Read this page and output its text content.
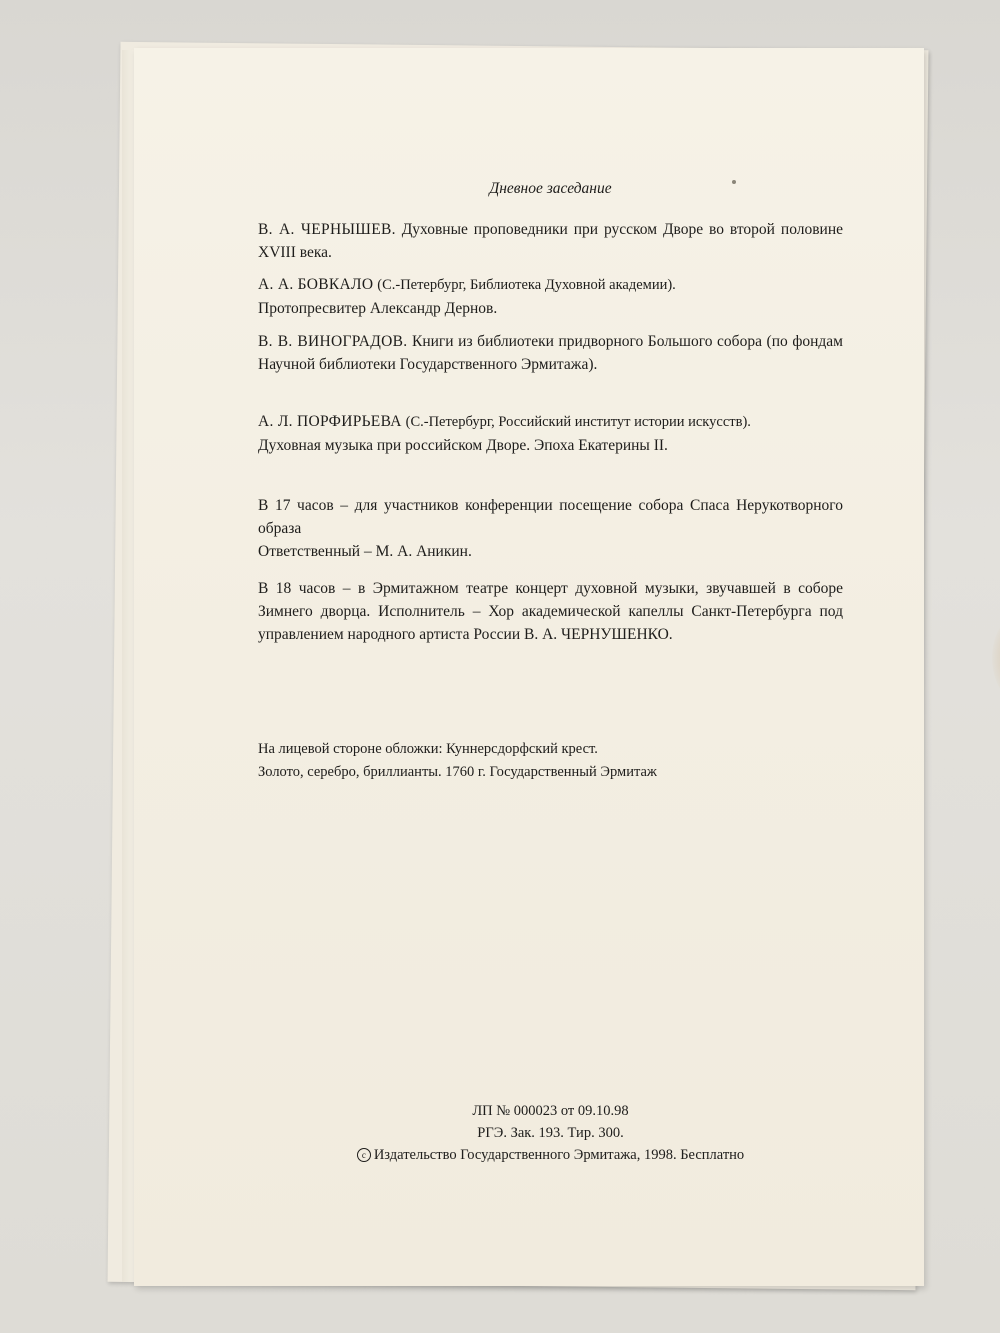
Дневное заседание

В. А. ЧЕРНЫШЕВ. Духовные проповедники при русском Дворе во второй половине XVIII века.

А. А. БОВКАЛО (С.-Петербург, Библиотека Духовной академии).

Протопресвитер Александр Дернов.

В. В. ВИНОГРАДОВ. Книги из библиотеки придворного Большого собора (по фондам Научной библиотеки Государственного Эрмитажа).

А. Л. ПОРФИРЬЕВА (С.-Петербург, Российский институт истории искусств).

Духовная музыка при российском Дворе. Эпоха Екатерины II.

В 17 часов – для участников конференции посещение собора Спаса Нерукотворного образа

Ответственный – М. А. Аникин.

В 18 часов – в Эрмитажном театре концерт духовной музыки, звучавшей в соборе Зимнего дворца. Исполнитель – Хор академической капеллы Санкт-Петербурга под управлением народного артиста России В. А. ЧЕРНУШЕНКО.

На лицевой стороне обложки: Куннерсдорфский крест.

Золото, серебро, бриллианты. 1760 г. Государственный Эрмитаж

ЛП № 000023 от 09.10.98
РГЭ. Зак. 193. Тир. 300.
c Издательство Государственного Эрмитажа, 1998. Бесплатно
